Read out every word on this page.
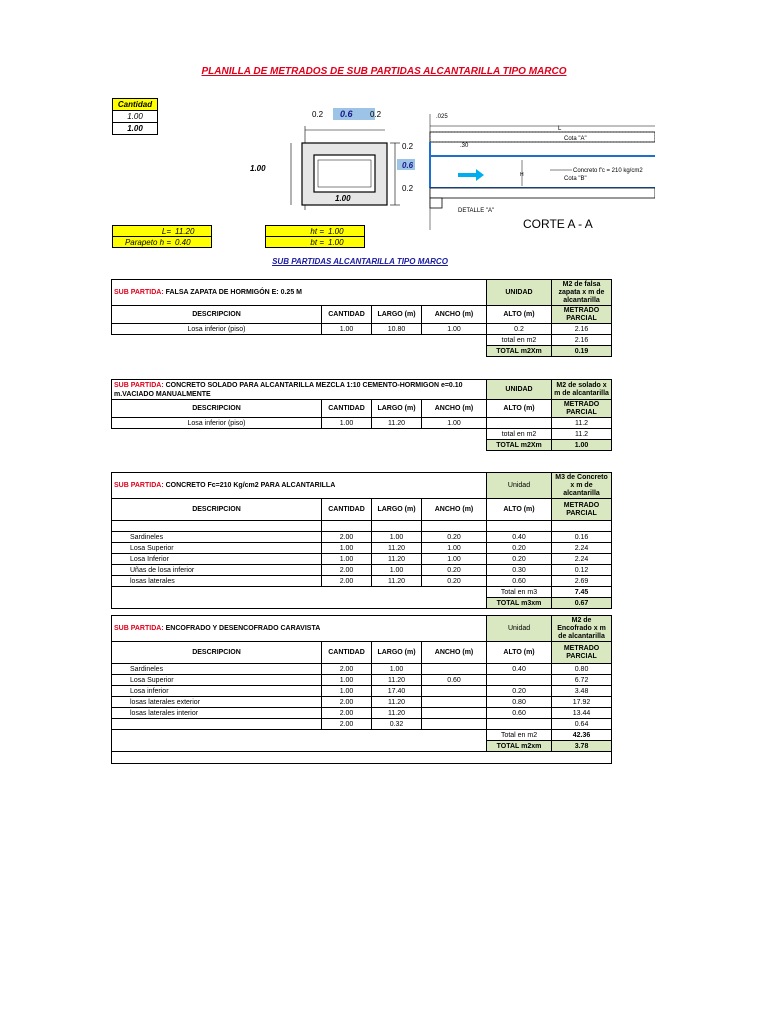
PLANILLA DE METRADOS DE SUB PARTIDAS ALCANTARILLA TIPO MARCO
Cantidad
1.00
1.00
0.2 0.6 0.2
1.00
1.00
0.2
0.6
0.2
.025
.30
L
H
Cota "A"
Cota "B"
Concreto f'c = 210 kg/cm2
DETALLE "A"
CORTE A - A
L=	11.20
Parapeto h =	0.40
ht =	1.00
bt =	1.00
SUB PARTIDAS ALCANTARILLA TIPO MARCO
SUB PARTIDA: FALSA ZAPATA DE HORMIGÓN E: 0.25 M				UNIDAD	M2 de falsa zapata x m de alcantarilla
DESCRIPCION	CANTIDAD	LARGO (m)	ANCHO (m)	ALTO (m)	METRADO PARCIAL
Losa inferior (piso)	1.00	10.80	1.00	0.2	2.16
				total en m2	2.16
				TOTAL m2Xm	0.19
SUB PARTIDA: CONCRETO SOLADO PARA ALCANTARILLA MEZCLA 1:10 CEMENTO-HORMIGON e=0.10 m.VACIADO MANUALMENTE				UNIDAD	M2 de solado x m de alcantarilla
DESCRIPCION	CANTIDAD	LARGO (m)	ANCHO (m)	ALTO (m)	METRADO PARCIAL
Losa inferior (piso)	1.00	11.20	1.00		11.2
				total en m2	11.2
				TOTAL m2Xm	1.00
SUB PARTIDA: CONCRETO Fc=210 Kg/cm2 PARA ALCANTARILLA				Unidad	M3 de Concreto x m de alcantarilla
DESCRIPCION	CANTIDAD	LARGO (m)	ANCHO (m)	ALTO (m)	METRADO PARCIAL

Sardineles	2.00	1.00	0.20	0.40	0.16
Losa Superior	1.00	11.20	1.00	0.20	2.24
Losa Inferior	1.00	11.20	1.00	0.20	2.24
Uñas de losa inferior	2.00	1.00	0.20	0.30	0.12
losas laterales	2.00	11.20	0.20	0.60	2.69
				Total en m3	7.45
				TOTAL m3xm	0.67
SUB PARTIDA: ENCOFRADO Y DESENCOFRADO CARAVISTA				Unidad	M2 de Encofrado x m de alcantarilla
DESCRIPCION	CANTIDAD	LARGO (m)	ANCHO (m)	ALTO (m)	METRADO PARCIAL
Sardineles	2.00	1.00		0.40	0.80
Losa Superior	1.00	11.20	0.60		6.72
Losa inferior	1.00	17.40		0.20	3.48
losas laterales exterior	2.00	11.20		0.80	17.92
losas laterales interior	2.00	11.20		0.60	13.44
	2.00	0.32			0.64
				Total en m2	42.36
				TOTAL m2xm	3.78
